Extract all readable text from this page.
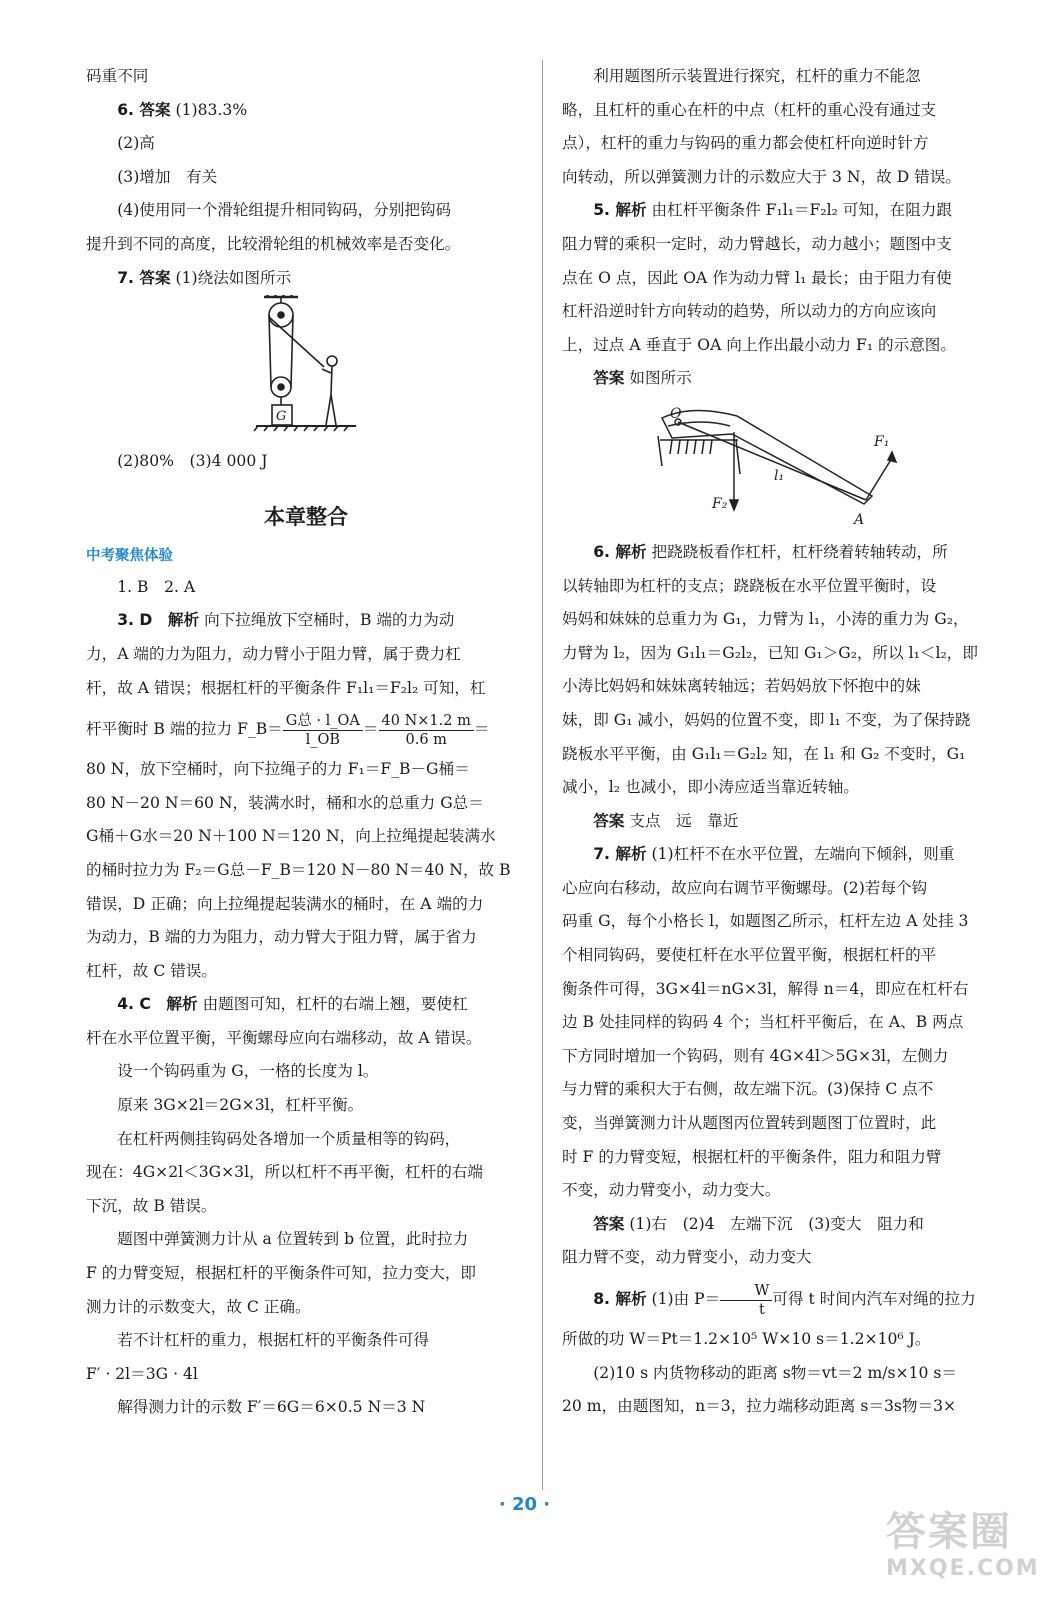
码重不同

6. 答案 (1)83.3%

(2)高

(3)增加　有关

(4)使用同一个滑轮组提升相同钩码，分别把钩码

提升到不同的高度，比较滑轮组的机械效率是否变化。

7. 答案 (1)绕法如图所示

G

(2)80%　(3)4 000 J

本章整合
中考聚焦体验

1. B　2. A

3. D　解析 向下拉绳放下空桶时，B 端的力为动

力，A 端的力为阻力，动力臂小于阻力臂，属于费力杠

杆，故 A 错误；根据杠杆的平衡条件 F₁l₁＝F₂l₂ 可知，杠

杆平衡时 B 端的拉力 F_B＝ $\frac{\text{G总 · l\_OA}}{l\_OB} = \frac{40 N\times 1.2 m}{0.6 m}$ ＝

80 N，放下空桶时，向下拉绳子的力 F₁＝F_B－G桶＝

80 N－20 N＝60 N，装满水时，桶和水的总重力 G总＝

G桶＋G水＝20 N＋100 N＝120 N，向上拉绳提起装满水

的桶时拉力为 F₂＝G总－F_B＝120 N－80 N＝40 N，故 B

错误，D 正确；向上拉绳提起装满水的桶时，在 A 端的力

为动力，B 端的力为阻力，动力臂大于阻力臂，属于省力

杠杆，故 C 错误。

4. C　解析 由题图可知，杠杆的右端上翘，要使杠

杆在水平位置平衡，平衡螺母应向右端移动，故 A 错误。

设一个钩码重为 G，一格的长度为 l。

原来 3G×2l＝2G×3l，杠杆平衡。

在杠杆两侧挂钩码处各增加一个质量相等的钩码，

现在：4G×2l＜3G×3l，所以杠杆不再平衡，杠杆的右端

下沉，故 B 错误。

题图中弹簧测力计从 a 位置转到 b 位置，此时拉力

F 的力臂变短，根据杠杆的平衡条件可知，拉力变大，即

测力计的示数变大，故 C 正确。

若不计杠杆的重力，根据杠杆的平衡条件可得

F′ · 2l＝3G · 4l

解得测力计的示数 F′＝6G＝6×0.5 N＝3 N

利用题图所示装置进行探究，杠杆的重力不能忽

略，且杠杆的重心在杆的中点（杠杆的重心没有通过支

点），杠杆的重力与钩码的重力都会使杠杆向逆时针方

向转动，所以弹簧测力计的示数应大于 3 N，故 D 错误。

5. 解析 由杠杆平衡条件 F₁l₁＝F₂l₂ 可知，在阻力跟

阻力臂的乘积一定时，动力臂越长，动力越小；题图中支

点在 O 点，因此 OA 作为动力臂 l₁ 最长；由于阻力有使

杠杆沿逆时针方向转动的趋势，所以动力的方向应该向

上，过点 A 垂直于 OA 向上作出最小动力 F₁ 的示意图。

答案 如图所示

O
F₁
F₂
l₁
A

6. 解析 把跷跷板看作杠杆，杠杆绕着转轴转动，所

以转轴即为杠杆的支点；跷跷板在水平位置平衡时，设

妈妈和妹妹的总重力为 G₁，力臂为 l₁，小涛的重力为 G₂，

力臂为 l₂，因为 G₁l₁＝G₂l₂，已知 G₁＞G₂，所以 l₁＜l₂，即

小涛比妈妈和妹妹离转轴远；若妈妈放下怀抱中的妹

妹，即 G₁ 减小，妈妈的位置不变，即 l₁ 不变，为了保持跷

跷板水平平衡，由 G₁l₁＝G₂l₂ 知，在 l₁ 和 G₂ 不变时，G₁

减小，l₂ 也减小，即小涛应适当靠近转轴。

答案 支点　远　靠近

7. 解析 (1)杠杆不在水平位置，左端向下倾斜，则重

心应向右移动，故应向右调节平衡螺母。(2)若每个钩

码重 G，每个小格长 l，如题图乙所示，杠杆左边 A 处挂 3

个相同钩码，要使杠杆在水平位置平衡，根据杠杆的平

衡条件可得，3G×4l＝nG×3l，解得 n＝4，即应在杠杆右

边 B 处挂同样的钩码 4 个；当杠杆平衡后，在 A、B 两点

下方同时增加一个钩码，则有 4G×4l＞5G×3l，左侧力

与力臂的乘积大于右侧，故左端下沉。(3)保持 C 点不

变，当弹簧测力计从题图丙位置转到题图丁位置时，此

时 F 的力臂变短，根据杠杆的平衡条件，阻力和阻力臂

不变，动力臂变小，动力变大。

答案 (1)右　(2)4　左端下沉　(3)变大　阻力和

阻力臂不变，动力臂变小，动力变大

8. 解析 (1)由 $P= \frac{W}{t}$ 可得 t 时间内汽车对绳的拉力

所做的功 W＝Pt＝1.2×10⁵ W×10 s＝1.2×10⁶ J。

(2)10 s 内货物移动的距离 s物＝vt＝2 m/s×10 s＝

20 m，由题图知，n＝3，拉力端移动距离 s＝3s物＝3×

· 20 ·
答案圈
MXQE.COM
